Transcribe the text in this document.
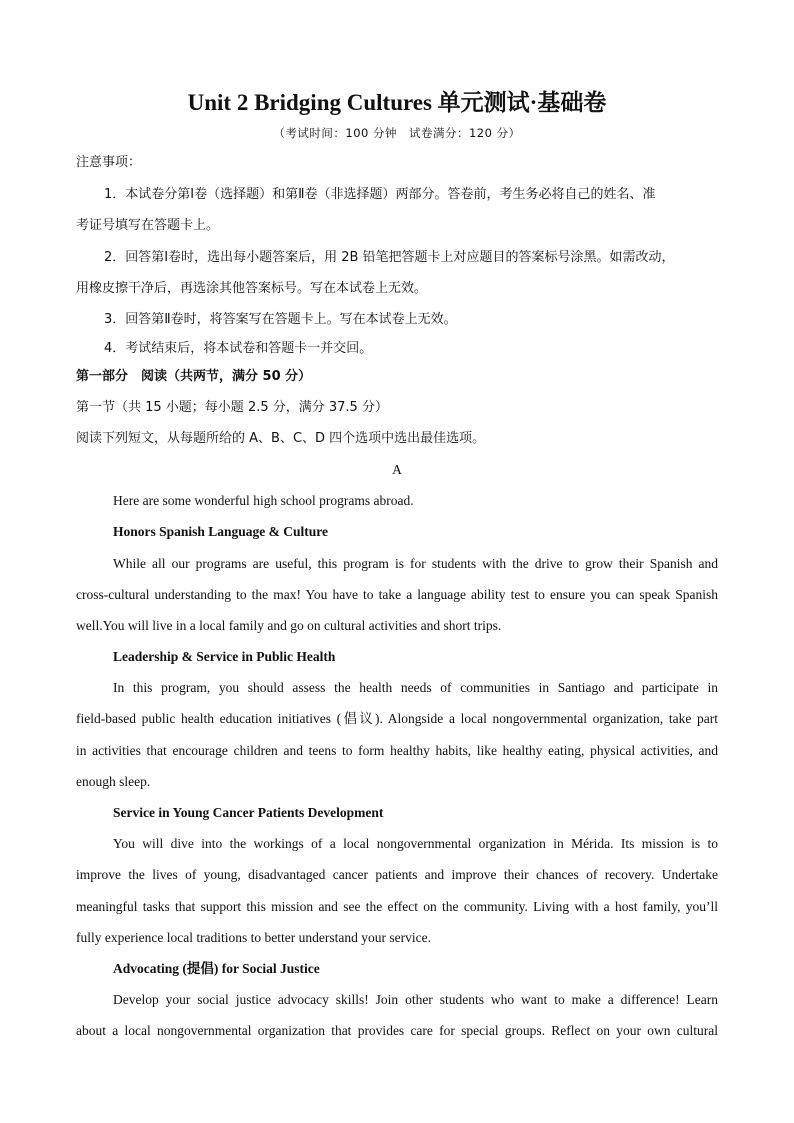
Unit 2 Bridging Cultures 单元测试·基础卷
（考试时间：100 分钟　试卷满分：120 分）
注意事项：
1．本试卷分第Ⅰ卷（选择题）和第Ⅱ卷（非选择题）两部分。答卷前，考生务必将自己的姓名、准
考证号填写在答题卡上。
2．回答第Ⅰ卷时，选出每小题答案后，用 2B 铅笔把答题卡上对应题目的答案标号涂黑。如需改动，
用橡皮擦干净后，再选涂其他答案标号。写在本试卷上无效。
3．回答第Ⅱ卷时，将答案写在答题卡上。写在本试卷上无效。
4．考试结束后，将本试卷和答题卡一并交回。
第一部分　阅读（共两节，满分 50 分）
第一节（共 15 小题；每小题 2.5 分，满分 37.5 分）
阅读下列短文，从每题所给的 A、B、C、D 四个选项中选出最佳选项。
A
Here are some wonderful high school programs abroad.
Honors Spanish Language & Culture
While all our programs are useful, this program is for students with the drive to grow their Spanish and
cross-cultural understanding to the max! You have to take a language ability test to ensure you can speak Spanish
well.You will live in a local family and go on cultural activities and short trips.
Leadership & Service in Public Health
In this program, you should assess the health needs of communities in Santiago and participate in
field-based public health education initiatives (倡议). Alongside a local nongovernmental organization, take part
in activities that encourage children and teens to form healthy habits, like healthy eating, physical activities, and
enough sleep.
Service in Young Cancer Patients Development
You will dive into the workings of a local nongovernmental organization in Mérida. Its mission is to
improve the lives of young, disadvantaged cancer patients and improve their chances of recovery. Undertake
meaningful tasks that support this mission and see the effect on the community. Living with a host family, you’ll
fully experience local traditions to better understand your service.
Advocating (提倡) for Social Justice
Develop your social justice advocacy skills! Join other students who want to make a difference! Learn
about a local nongovernmental organization that provides care for special groups. Reflect on your own cultural
